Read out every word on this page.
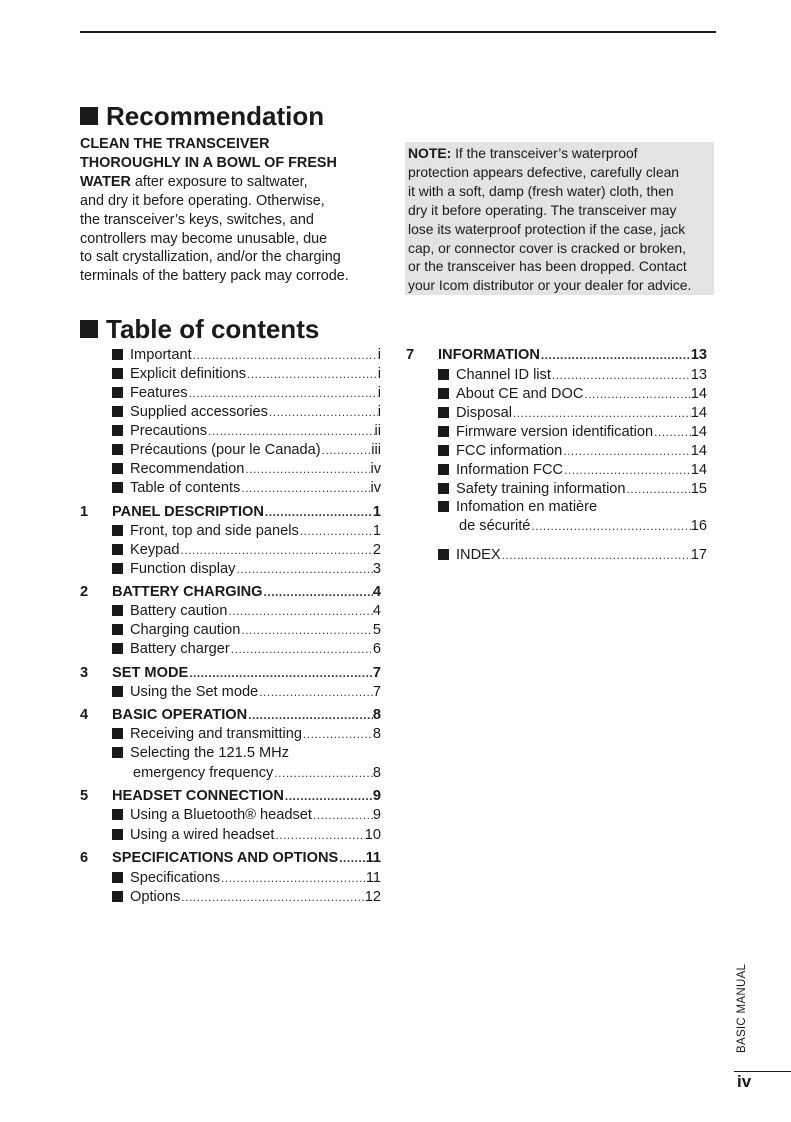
Recommendation
CLEAN THE TRANSCEIVER
THOROUGHLY IN A BOWL OF FRESH
WATER after exposure to saltwater,
and dry it before operating. Otherwise,
the transceiver’s keys, switches, and
controllers may become unusable, due
to salt crystallization, and/or the charging
terminals of the battery pack may corrode.
NOTE: If the transceiver’s waterproof
protection appears defective, carefully clean
it with a soft, damp (fresh water) cloth, then
dry it before operating. The transceiver may
lose its waterproof protection if the case, jack
cap, or connector cover is cracked or broken,
or the transceiver has been dropped. Contact
your Icom distributor or your dealer for advice.
Table of contents
Important .....	i
Explicit definitions .....	i
Features .....	i
Supplied accessories .....	i
Precautions .....	ii
Précautions (pour le Canada) .....	iii
Recommendation .....	iv
Table of contents .....	iv
1 PANEL DESCRIPTION .....	1
Front, top and side panels .....	1
Keypad .....	2
Function display .....	3
2 BATTERY CHARGING .....	4
Battery caution .....	4
Charging caution .....	5
Battery charger .....	6
3 SET MODE .....	7
Using the Set mode .....	7
4 BASIC OPERATION .....	8
Receiving and transmitting .....	8
Selecting the 121.5 MHz
emergency frequency .....	8
5 HEADSET CONNECTION .....	9
Using a Bluetooth® headset .....	9
Using a wired headset .....	10
6 SPECIFICATIONS AND OPTIONS ..... 11
Specifications .....	11
Options .....	12
7 INFORMATION .....	13
Channel ID list .....	13
About CE and DOC .....	14
Disposal .....	14
Firmware version identification .....	14
FCC information .....	14
Information FCC .....	14
Safety training information .....	15
Infomation en matière
de sécurité .....	16
INDEX .....	17
BASIC MANUAL
iv
